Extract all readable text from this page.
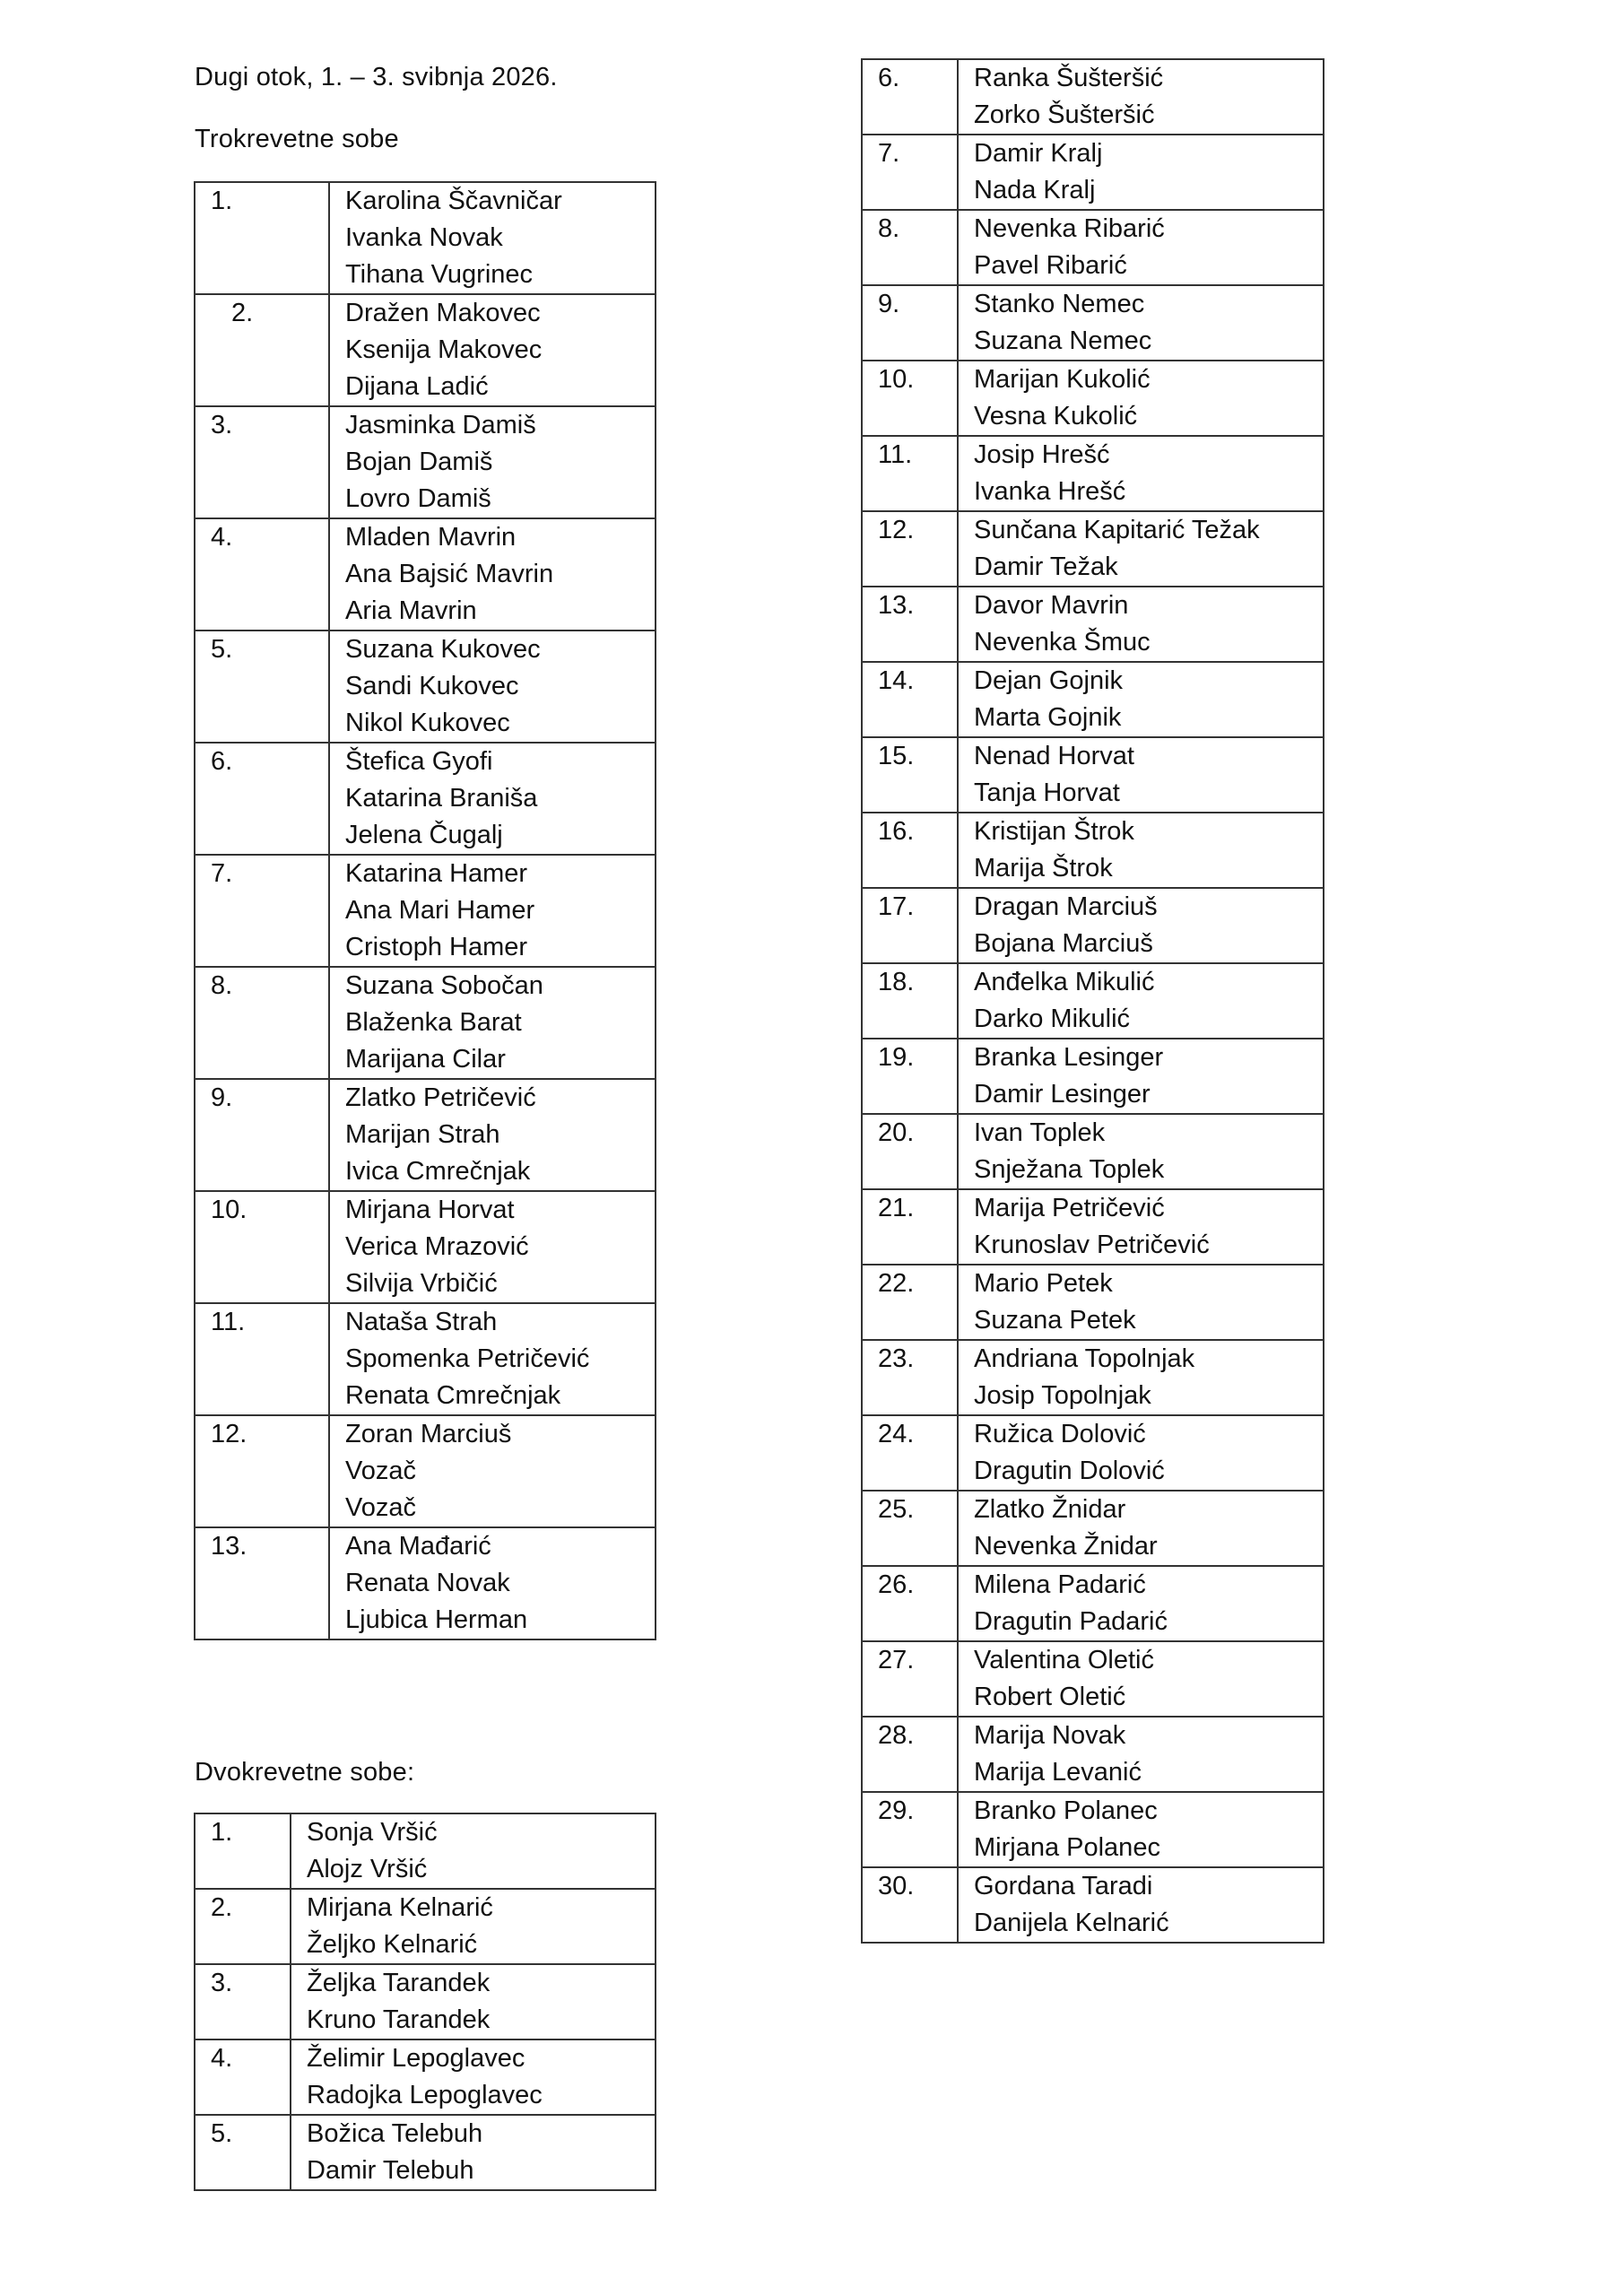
Dugi otok, 1. – 3. svibnja 2026.
Trokrevetne sobe
1.	Karolina Ščavničar
Ivanka Novak
Tihana Vugrinec

2.	Dražen Makovec
Ksenija Makovec
Dijana Ladić

3.	Jasminka Damiš
Bojan Damiš
Lovro Damiš

4.	Mladen Mavrin
Ana Bajsić Mavrin
Aria Mavrin

5.	Suzana Kukovec
Sandi Kukovec
Nikol Kukovec

6.	Štefica Gyofi
Katarina Braniša
Jelena Čugalj

7.	Katarina Hamer
Ana Mari Hamer
Cristoph Hamer

8.	Suzana Sobočan
Blaženka Barat
Marijana Cilar

9.	Zlatko Petričević
Marijan Strah
Ivica Cmrečnjak

10.	Mirjana Horvat
Verica Mrazović
Silvija Vrbičić

11.	Nataša Strah
Spomenka Petričević
Renata Cmrečnjak

12.	Zoran Marciuš
Vozač
Vozač

13.	Ana Mađarić
Renata Novak
Ljubica Herman
Dvokrevetne sobe:
1.	Sonja Vršić
Alojz Vršić

2.	Mirjana Kelnarić
Željko Kelnarić

3.	Željka Tarandek
Kruno Tarandek

4.	Želimir Lepoglavec
Radojka Lepoglavec

5.	Božica Telebuh
Damir Telebuh
6.	Ranka Šušteršić
Zorko Šušteršić

7.	Damir Kralj
Nada Kralj

8.	Nevenka Ribarić
Pavel Ribarić

9.	Stanko Nemec
Suzana Nemec

10.	Marijan Kukolić
Vesna Kukolić

11.	Josip Hrešć
Ivanka Hrešć

12.	Sunčana Kapitarić Težak
Damir Težak

13.	Davor Mavrin
Nevenka Šmuc

14.	Dejan Gojnik
Marta Gojnik

15.	Nenad Horvat
Tanja Horvat

16.	Kristijan Štrok
Marija Štrok

17.	Dragan Marciuš
Bojana Marciuš

18.	Anđelka Mikulić
Darko Mikulić

19.	Branka Lesinger
Damir Lesinger

20.	Ivan Toplek
Snježana Toplek

21.	Marija Petričević
Krunoslav Petričević

22.	Mario Petek
Suzana Petek

23.	Andriana Topolnjak
Josip Topolnjak

24.	Ružica Dolović
Dragutin Dolović

25.	Zlatko Žnidar
Nevenka Žnidar

26.	Milena Padarić
Dragutin Padarić

27.	Valentina Oletić
Robert Oletić

28.	Marija Novak
Marija Levanić

29.	Branko Polanec
Mirjana Polanec

30.	Gordana Taradi
Danijela Kelnarić
